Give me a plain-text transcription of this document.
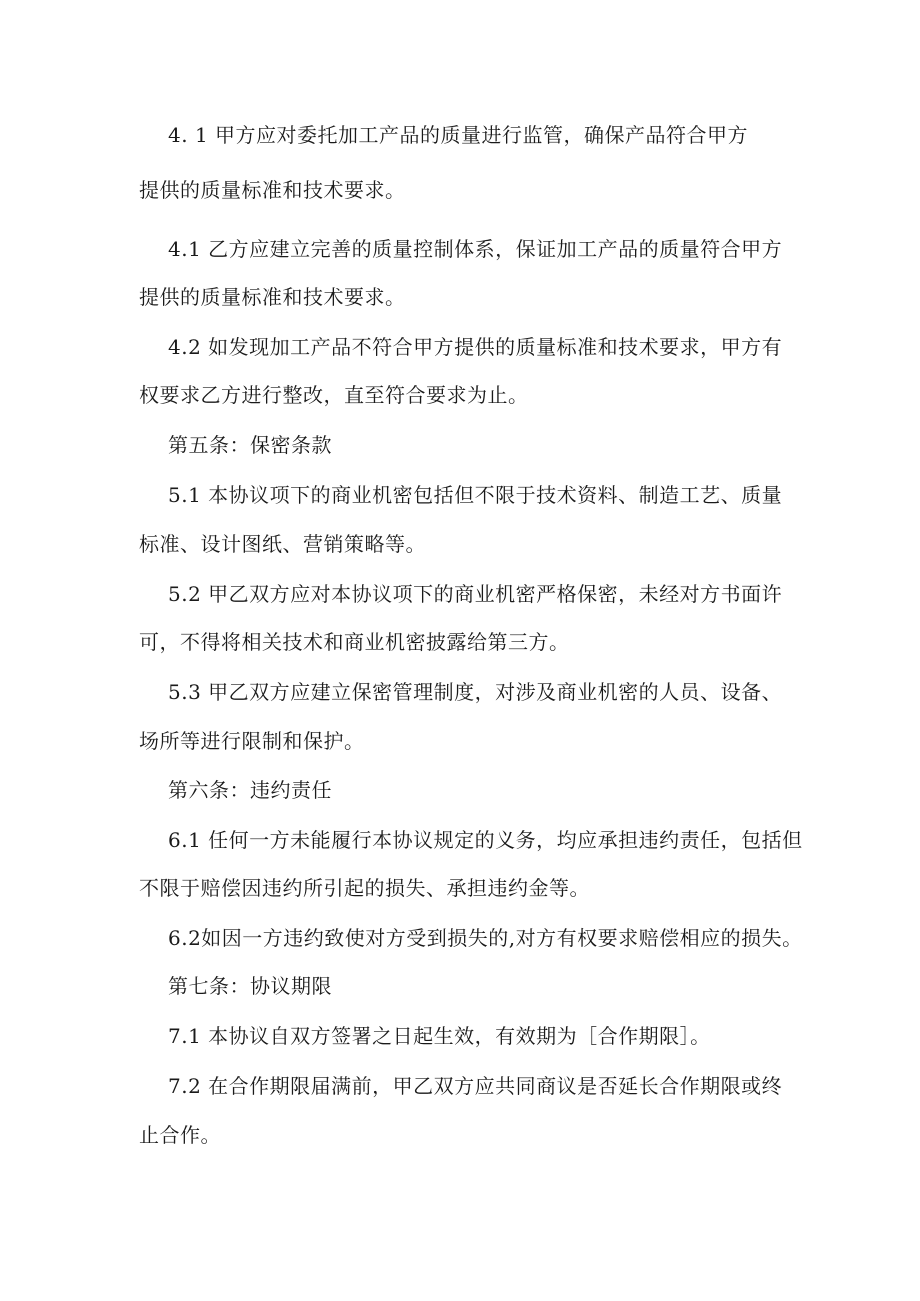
4. 1 甲方应对委托加工产品的质量进行监管，确保产品符合甲方
提供的质量标准和技术要求。
4.1 乙方应建立完善的质量控制体系，保证加工产品的质量符合甲方
提供的质量标准和技术要求。
4.2 如发现加工产品不符合甲方提供的质量标准和技术要求，甲方有
权要求乙方进行整改，直至符合要求为止。
第五条：保密条款
5.1 本协议项下的商业机密包括但不限于技术资料、制造工艺、质量
标准、设计图纸、营销策略等。
5.2 甲乙双方应对本协议项下的商业机密严格保密，未经对方书面许
可，不得将相关技术和商业机密披露给第三方。
5.3 甲乙双方应建立保密管理制度，对涉及商业机密的人员、设备、
场所等进行限制和保护。
第六条：违约责任
6.1 任何一方未能履行本协议规定的义务，均应承担违约责任，包括但
不限于赔偿因违约所引起的损失、承担违约金等。
6.2如因一方违约致使对方受到损失的,对方有权要求赔偿相应的损失。
第七条：协议期限
7.1 本协议自双方签署之日起生效，有效期为［合作期限］。
7.2 在合作期限届满前，甲乙双方应共同商议是否延长合作期限或终
止合作。
